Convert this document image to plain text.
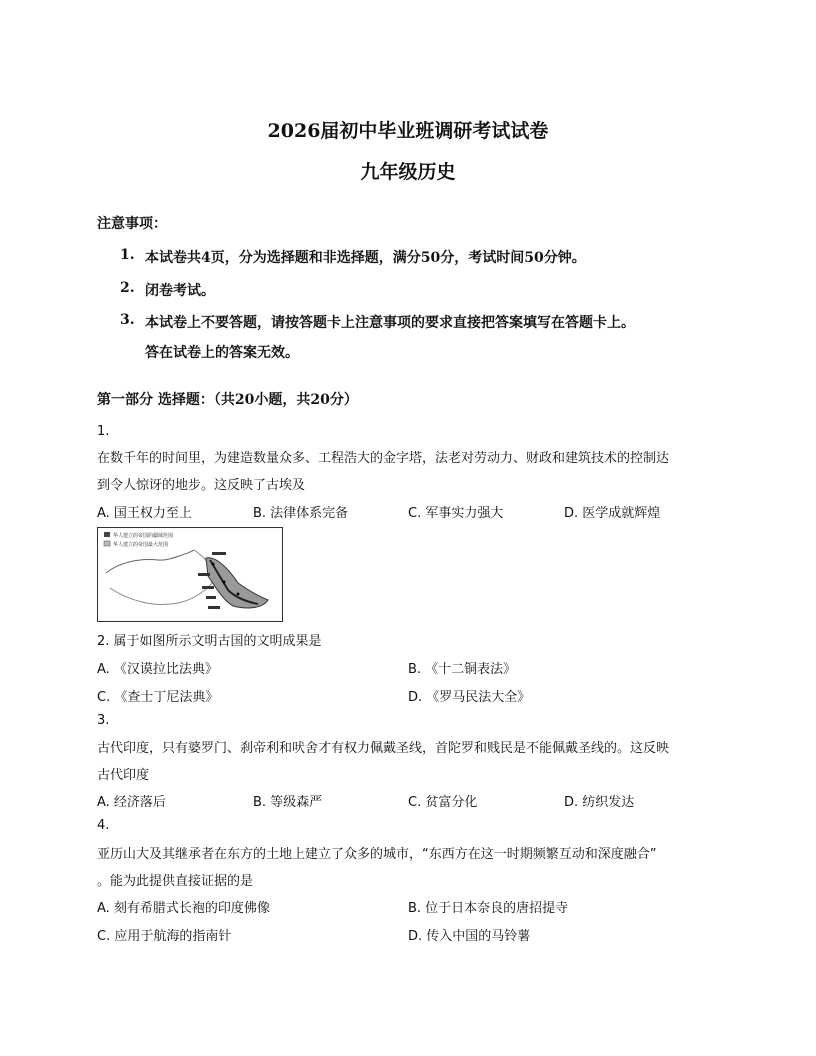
2026届初中毕业班调研考试试卷
九年级历史
注意事项：
1. 本试卷共4页，分为选择题和非选择题，满分50分，考试时间50分钟。
2. 闭卷考试。
3. 本试卷上不要答题，请按答题卡上注意事项的要求直接把答案填写在答题卡上。
答在试卷上的答案无效。
第一部分 选择题：（共20小题，共20分）
1.
在数千年的时间里，为建造数量众多、工程浩大的金字塔，法老对劳动力、财政和建筑技术的控制达
到令人惊讶的地步。这反映了古埃及
A. 国王权力至上	B. 法律体系完备	C. 军事实力强大	D. 医学成就辉煌
华人建立的帝国的疆域范围
华人建立的帝国最大范围
2. 属于如图所示文明古国的文明成果是
A. 《汉谟拉比法典》	B. 《十二铜表法》
C. 《查士丁尼法典》	D. 《罗马民法大全》
3.
古代印度，只有婆罗门、刹帝利和吠舍才有权力佩戴圣线，首陀罗和贱民是不能佩戴圣线的。这反映
古代印度
A. 经济落后	B. 等级森严	C. 贫富分化	D. 纺织发达
4.
亚历山大及其继承者在东方的土地上建立了众多的城市，“东西方在这一时期频繁互动和深度融合”
。能为此提供直接证据的是
A. 刻有希腊式长袍的印度佛像	B. 位于日本奈良的唐招提寺
C. 应用于航海的指南针	D. 传入中国的马铃薯
